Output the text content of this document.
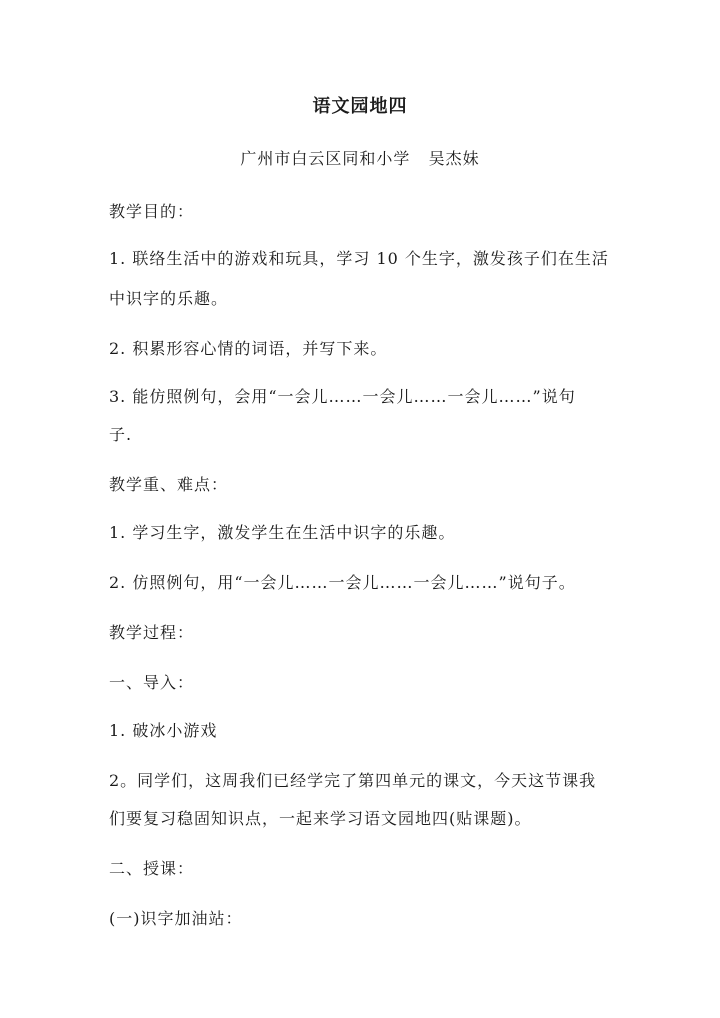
语文园地四
广州市白云区同和小学   吴杰妹
教学目的：
1. 联络生活中的游戏和玩具，学习 10 个生字，激发孩子们在生活
中识字的乐趣。
2. 积累形容心情的词语，并写下来。
3. 能仿照例句，会用“一会儿……一会儿……一会儿……”说句
子.
教学重、难点：
1. 学习生字，激发学生在生活中识字的乐趣。
2. 仿照例句，用“一会儿……一会儿……一会儿……”说句子。
教学过程：
一、导入：
1. 破冰小游戏
2。同学们，这周我们已经学完了第四单元的课文，今天这节课我
们要复习稳固知识点，一起来学习语文园地四(贴课题)。
二、授课：
(一)识字加油站：
